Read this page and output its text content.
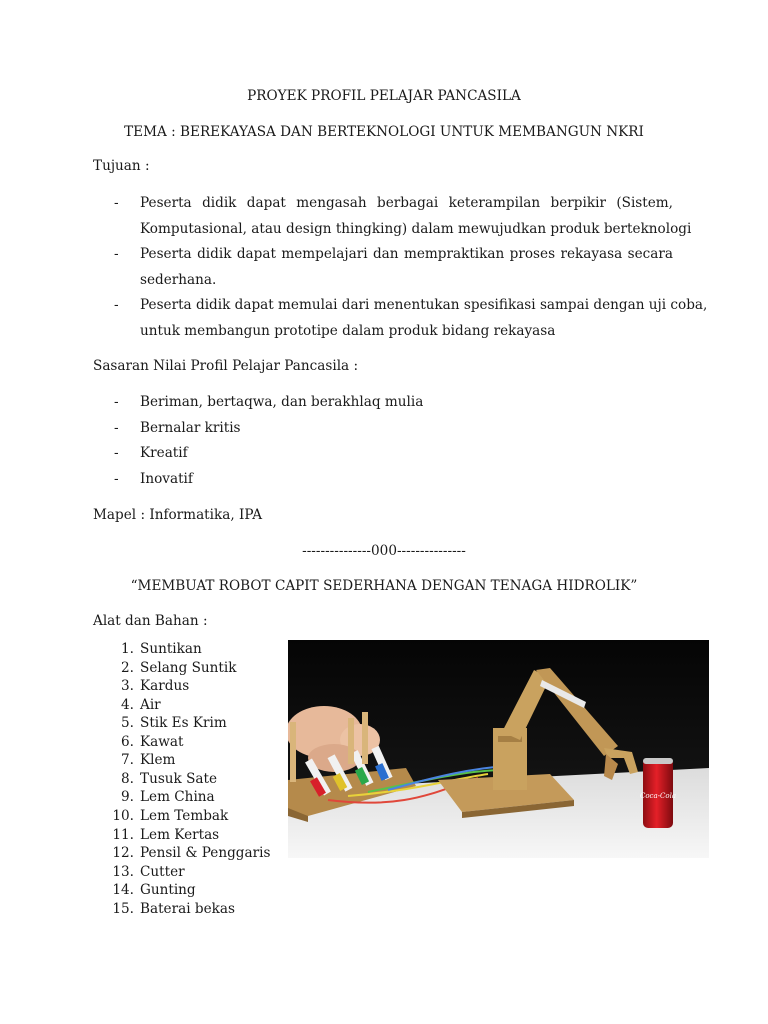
PROYEK PROFIL PELAJAR PANCASILA
TEMA : BEREKAYASA DAN BERTEKNOLOGI UNTUK MEMBANGUN NKRI
Tujuan :
- Peserta didik dapat mengasah berbagai keterampilan berpikir (Sistem,
Komputasional, atau design thingking) dalam mewujudkan produk berteknologi
- Peserta didik dapat mempelajari dan mempraktikan proses rekayasa secara
sederhana.
- Peserta didik dapat memulai dari menentukan spesifikasi sampai dengan uji coba,
untuk membangun prototipe dalam produk bidang rekayasa
Sasaran Nilai Profil Pelajar Pancasila :
- Beriman, bertaqwa, dan berakhlaq mulia
- Bernalar kritis
- Kreatif
- Inovatif
Mapel : Informatika, IPA
---------------000---------------
“MEMBUAT ROBOT CAPIT SEDERHANA DENGAN TENAGA HIDROLIK”
Alat dan Bahan :
1. Suntikan
2. Selang Suntik
3. Kardus
4. Air
5. Stik Es Krim
6. Kawat
7. Klem
8. Tusuk Sate
9. Lem China
10. Lem Tembak
11. Lem Kertas
12. Pensil & Penggaris
13. Cutter
14. Gunting
15. Baterai bekas
Coca-Cola
